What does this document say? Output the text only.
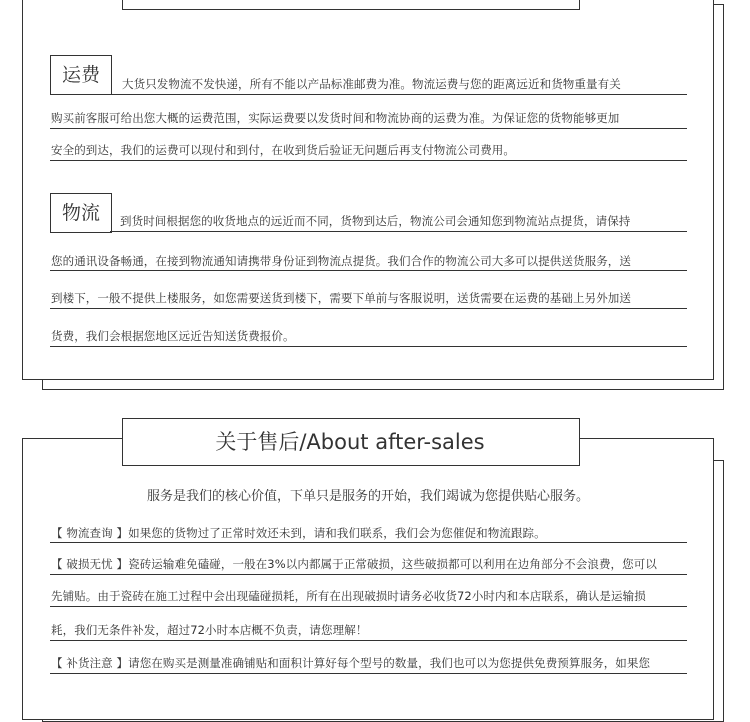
运费	大货只发物流不发快递，所有不能以产品标准邮费为准。物流运费与您的距离远近和货物重量有关
购买前客服可给出您大概的运费范围，实际运费要以发货时间和物流协商的运费为准。为保证您的货物能够更加
安全的到达，我们的运费可以现付和到付，在收到货后验证无问题后再支付物流公司费用。
物流	到货时间根据您的收货地点的远近而不同，货物到达后，物流公司会通知您到物流站点提货，请保持
您的通讯设备畅通，在接到物流通知请携带身份证到物流点提货。我们合作的物流公司大多可以提供送货服务，送
到楼下，一般不提供上楼服务，如您需要送货到楼下，需要下单前与客服说明，送货需要在运费的基础上另外加送
货费，我们会根据您地区远近告知送货费报价。
关于售后/About after-sales
服务是我们的核心价值，下单只是服务的开始，我们竭诚为您提供贴心服务。
【 物流查询 】如果您的货物过了正常时效还未到，请和我们联系，我们会为您催促和物流跟踪。
【 破损无忧 】瓷砖运输难免磕碰，一般在3%以内都属于正常破损，这些破损都可以利用在边角部分不会浪费，您可以
先铺贴。由于瓷砖在施工过程中会出现磕碰损耗，所有在出现破损时请务必收货72小时内和本店联系，确认是运输损
耗，我们无条件补发，超过72小时本店概不负责，请您理解！
【 补货注意 】请您在购买是测量准确铺贴和面积计算好每个型号的数量，我们也可以为您提供免费预算服务，如果您
